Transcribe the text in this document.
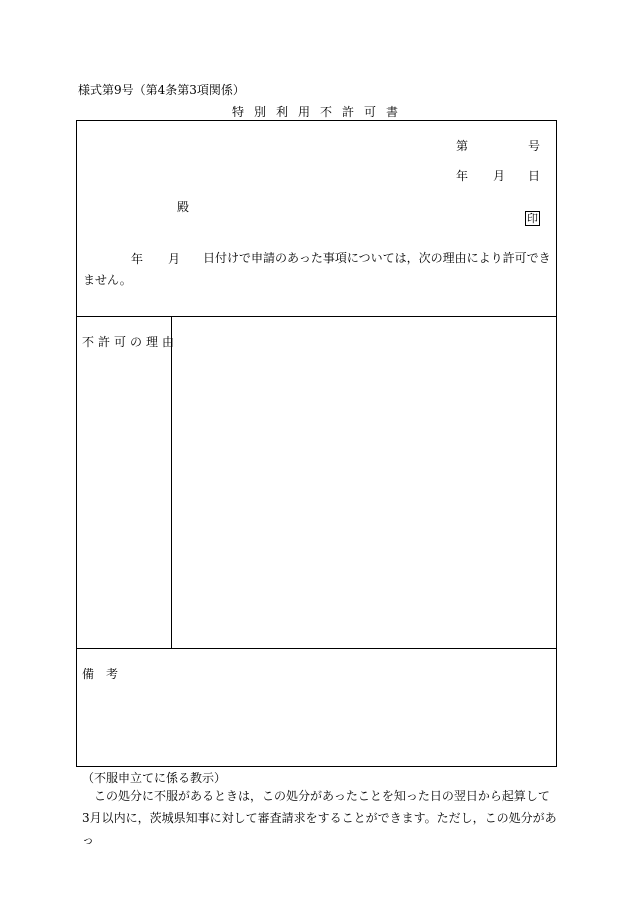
様式第9号（第4条第3項関係）
特別利用不許可書
第	号
年 月 日
殿
印
年 月	日付けで申請のあった事項については，次の理由により許可できません。
不許可の理由
備　考
（不服申立てに係る教示）
この処分に不服があるときは，この処分があったことを知った日の翌日から起算して3月以内に，茨城県知事に対して審査請求をすることができます。ただし，この処分があっ
